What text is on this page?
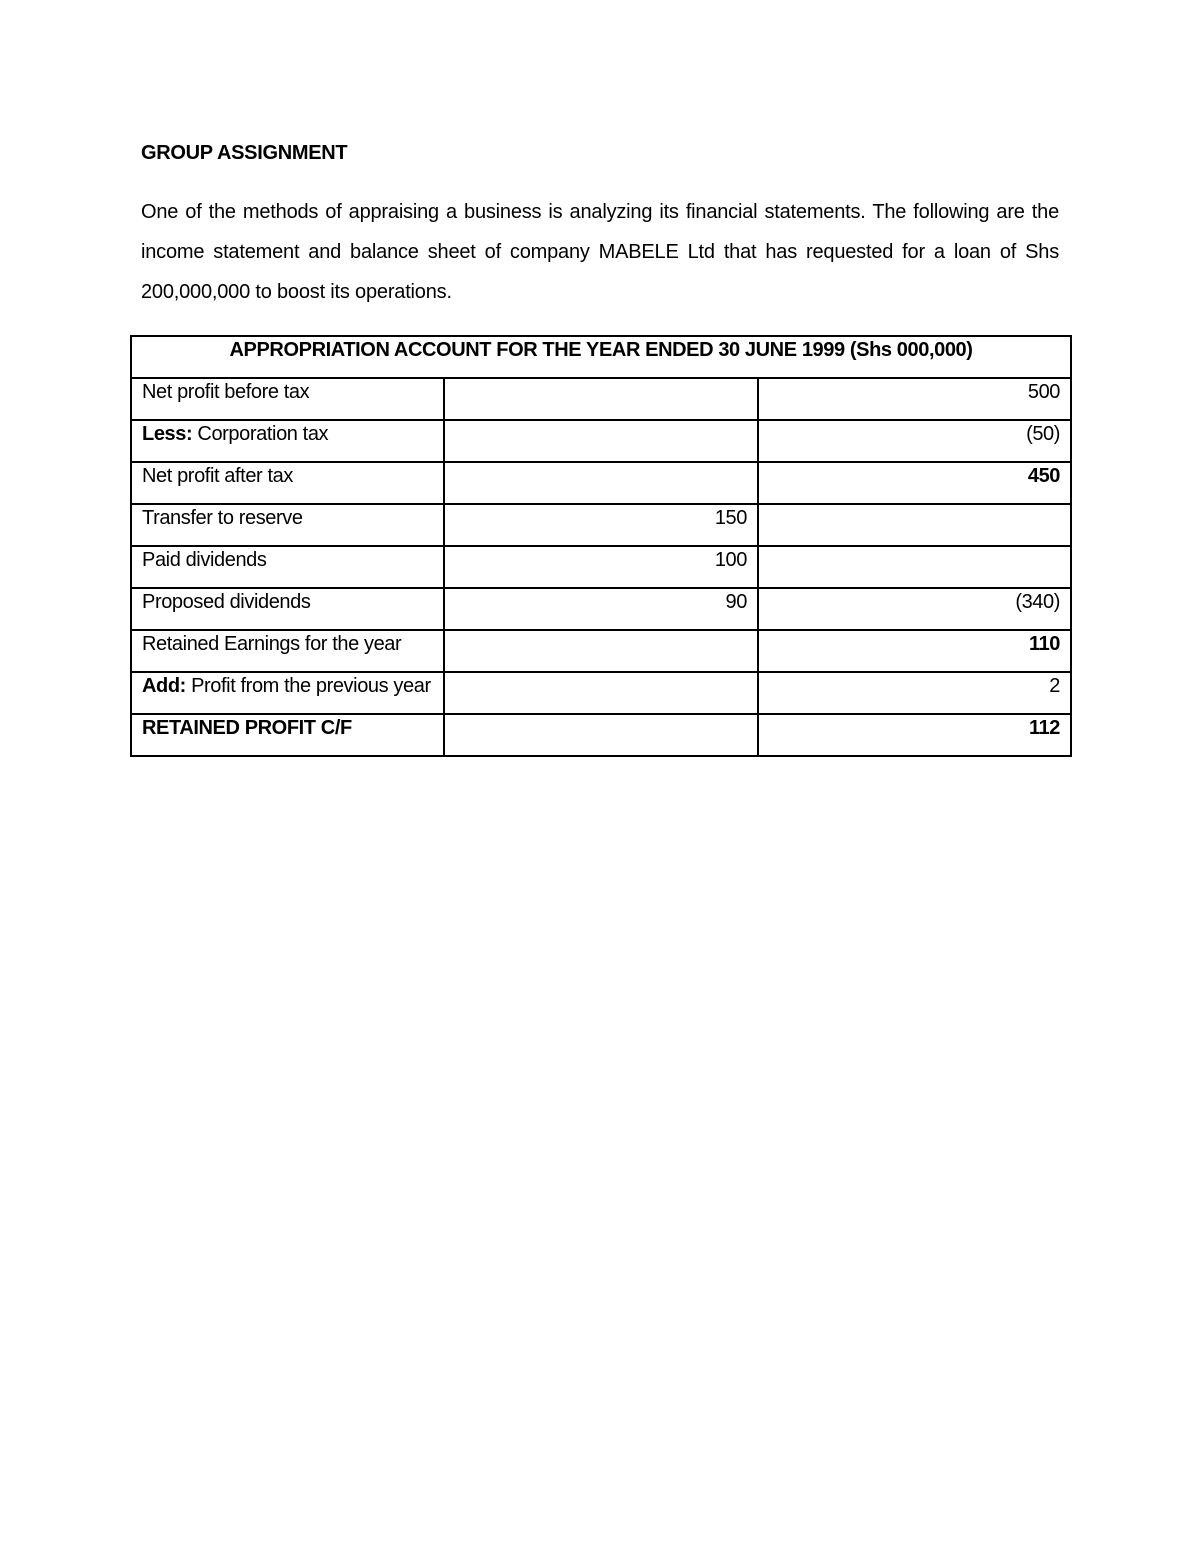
GROUP ASSIGNMENT
One of the methods of appraising a business is analyzing its financial statements. The following are the income statement and balance sheet of company MABELE Ltd that has requested for a loan of Shs 200,000,000 to boost its operations.
APPROPRIATION ACCOUNT FOR THE YEAR ENDED 30 JUNE 1999 (Shs 000,000)		
Net profit before tax		500
Less: Corporation tax		(50)
Net profit after tax		450
Transfer to reserve	150	
Paid dividends	100	
Proposed dividends	90	(340)
Retained Earnings for the year		110
Add: Profit from the previous year		2
RETAINED PROFIT C/F		112
